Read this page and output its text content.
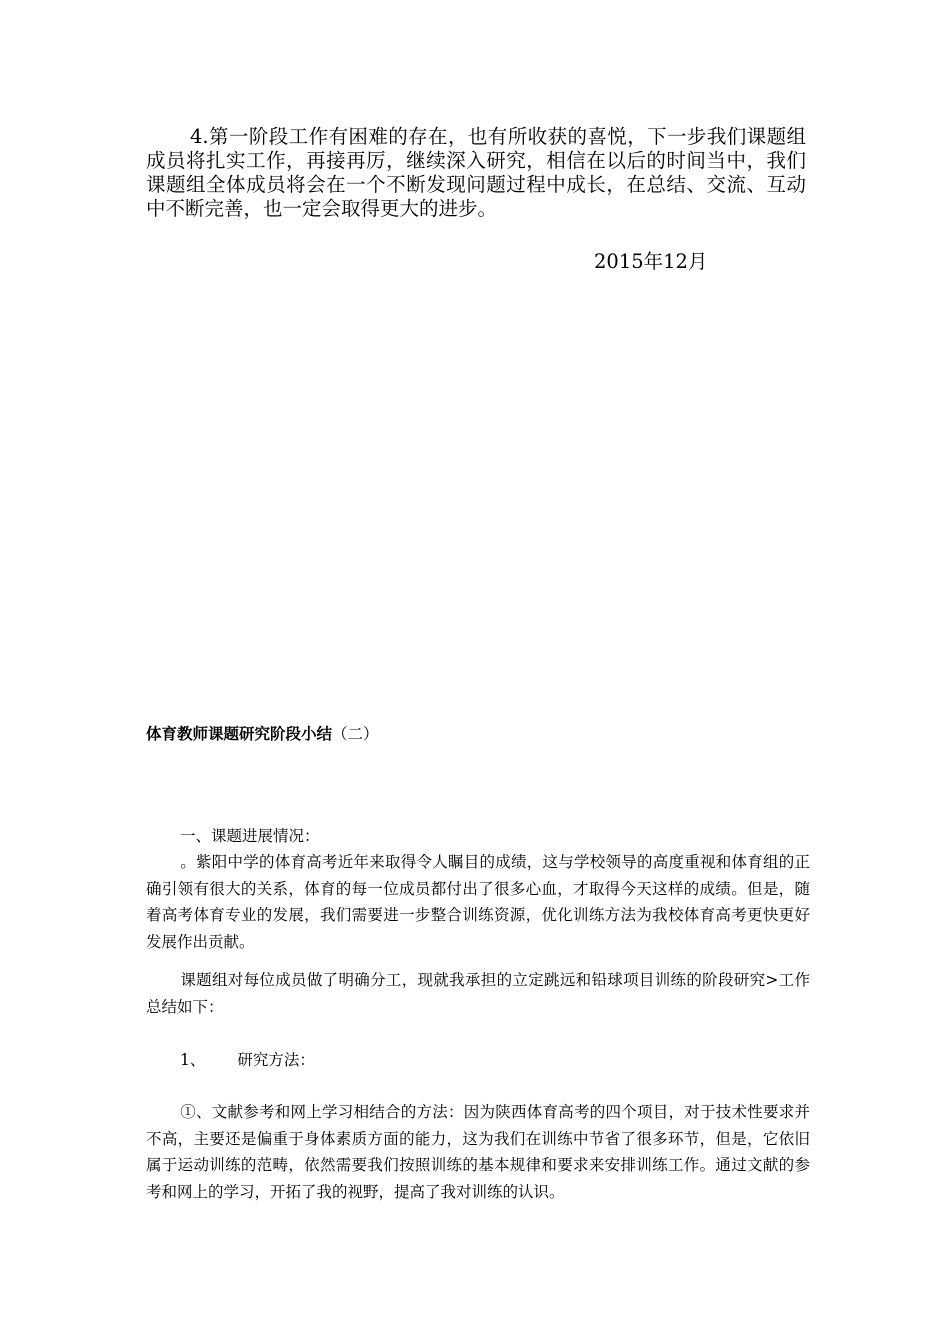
4.第一阶段工作有困难的存在，也有所收获的喜悦，下一步我们课题组成员将扎实工作，再接再厉，继续深入研究，相信在以后的时间当中，我们课题组全体成员将会在一个不断发现问题过程中成长，在总结、交流、互动中不断完善，也一定会取得更大的进步。

2015年12月

体育教师课题研究阶段小结（二）

一、课题进展情况：

。紫阳中学的体育高考近年来取得令人瞩目的成绩，这与学校领导的高度重视和体育组的正确引领有很大的关系，体育的每一位成员都付出了很多心血，才取得今天这样的成绩。但是，随着高考体育专业的发展，我们需要进一步整合训练资源，优化训练方法为我校体育高考更快更好发展作出贡献。

课题组对每位成员做了明确分工，现就我承担的立定跳远和铅球项目训练的阶段研究>工作总结如下：

1、 研究方法：

①、文献参考和网上学习相结合的方法：因为陕西体育高考的四个项目，对于技术性要求并不高，主要还是偏重于身体素质方面的能力，这为我们在训练中节省了很多环节，但是，它依旧属于运动训练的范畴，依然需要我们按照训练的基本规律和要求来安排训练工作。通过文献的参考和网上的学习，开拓了我的视野，提高了我对训练的认识。
